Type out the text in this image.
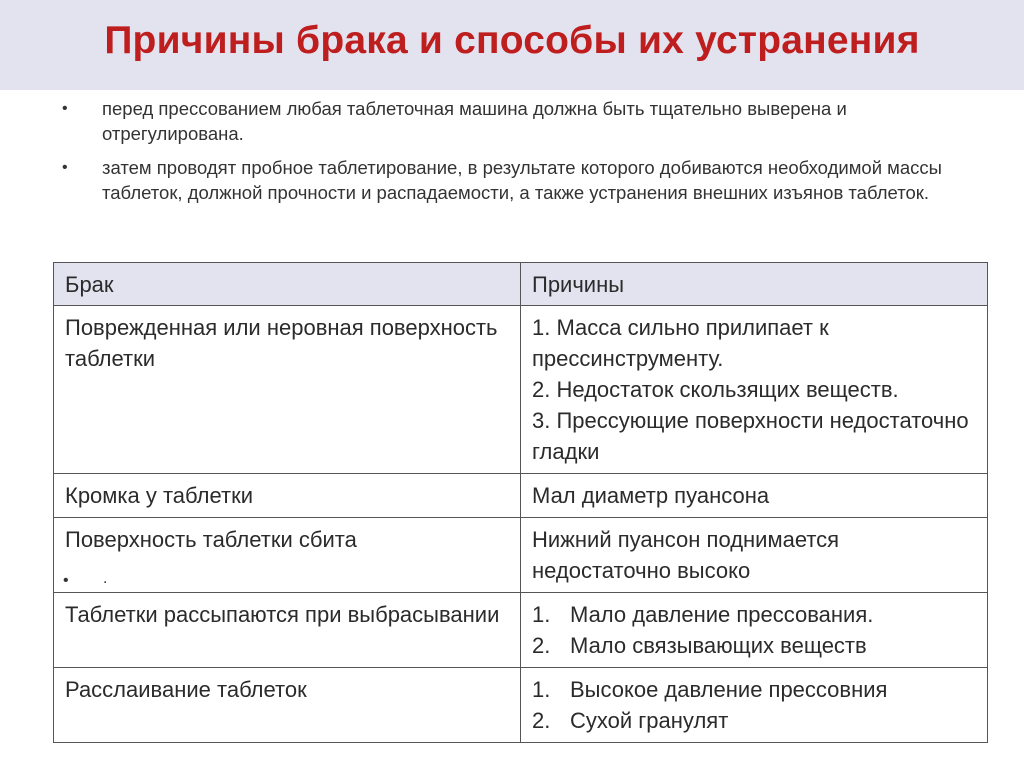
Причины брака и способы их устранения
• перед прессованием любая таблеточная машина должна быть тщательно выверена и отрегулирована.
• затем проводят пробное таблетирование, в результате которого добиваются необходимой массы таблеток, должной прочности и распадаемости, а также устранения внешних изъянов таблеток.
Брак	Причины
Поврежденная или неровная поверхность таблетки	1. Масса сильно прилипает к прессинструменту.
2. Недостаток скользящих веществ.
3. Прессующие поверхности недостаточно гладки

Кромка у таблетки	Мал диаметр пуансона

Поверхность таблетки сбита	Нижний пуансон поднимается недостаточно высоко

Таблетки рассыпаются при выбрасывании	1. Мало давление прессования.
2. Мало связывающих веществ

Расслаивание таблеток	1. Высокое давление прессовния
2. Сухой гранулят
• .
